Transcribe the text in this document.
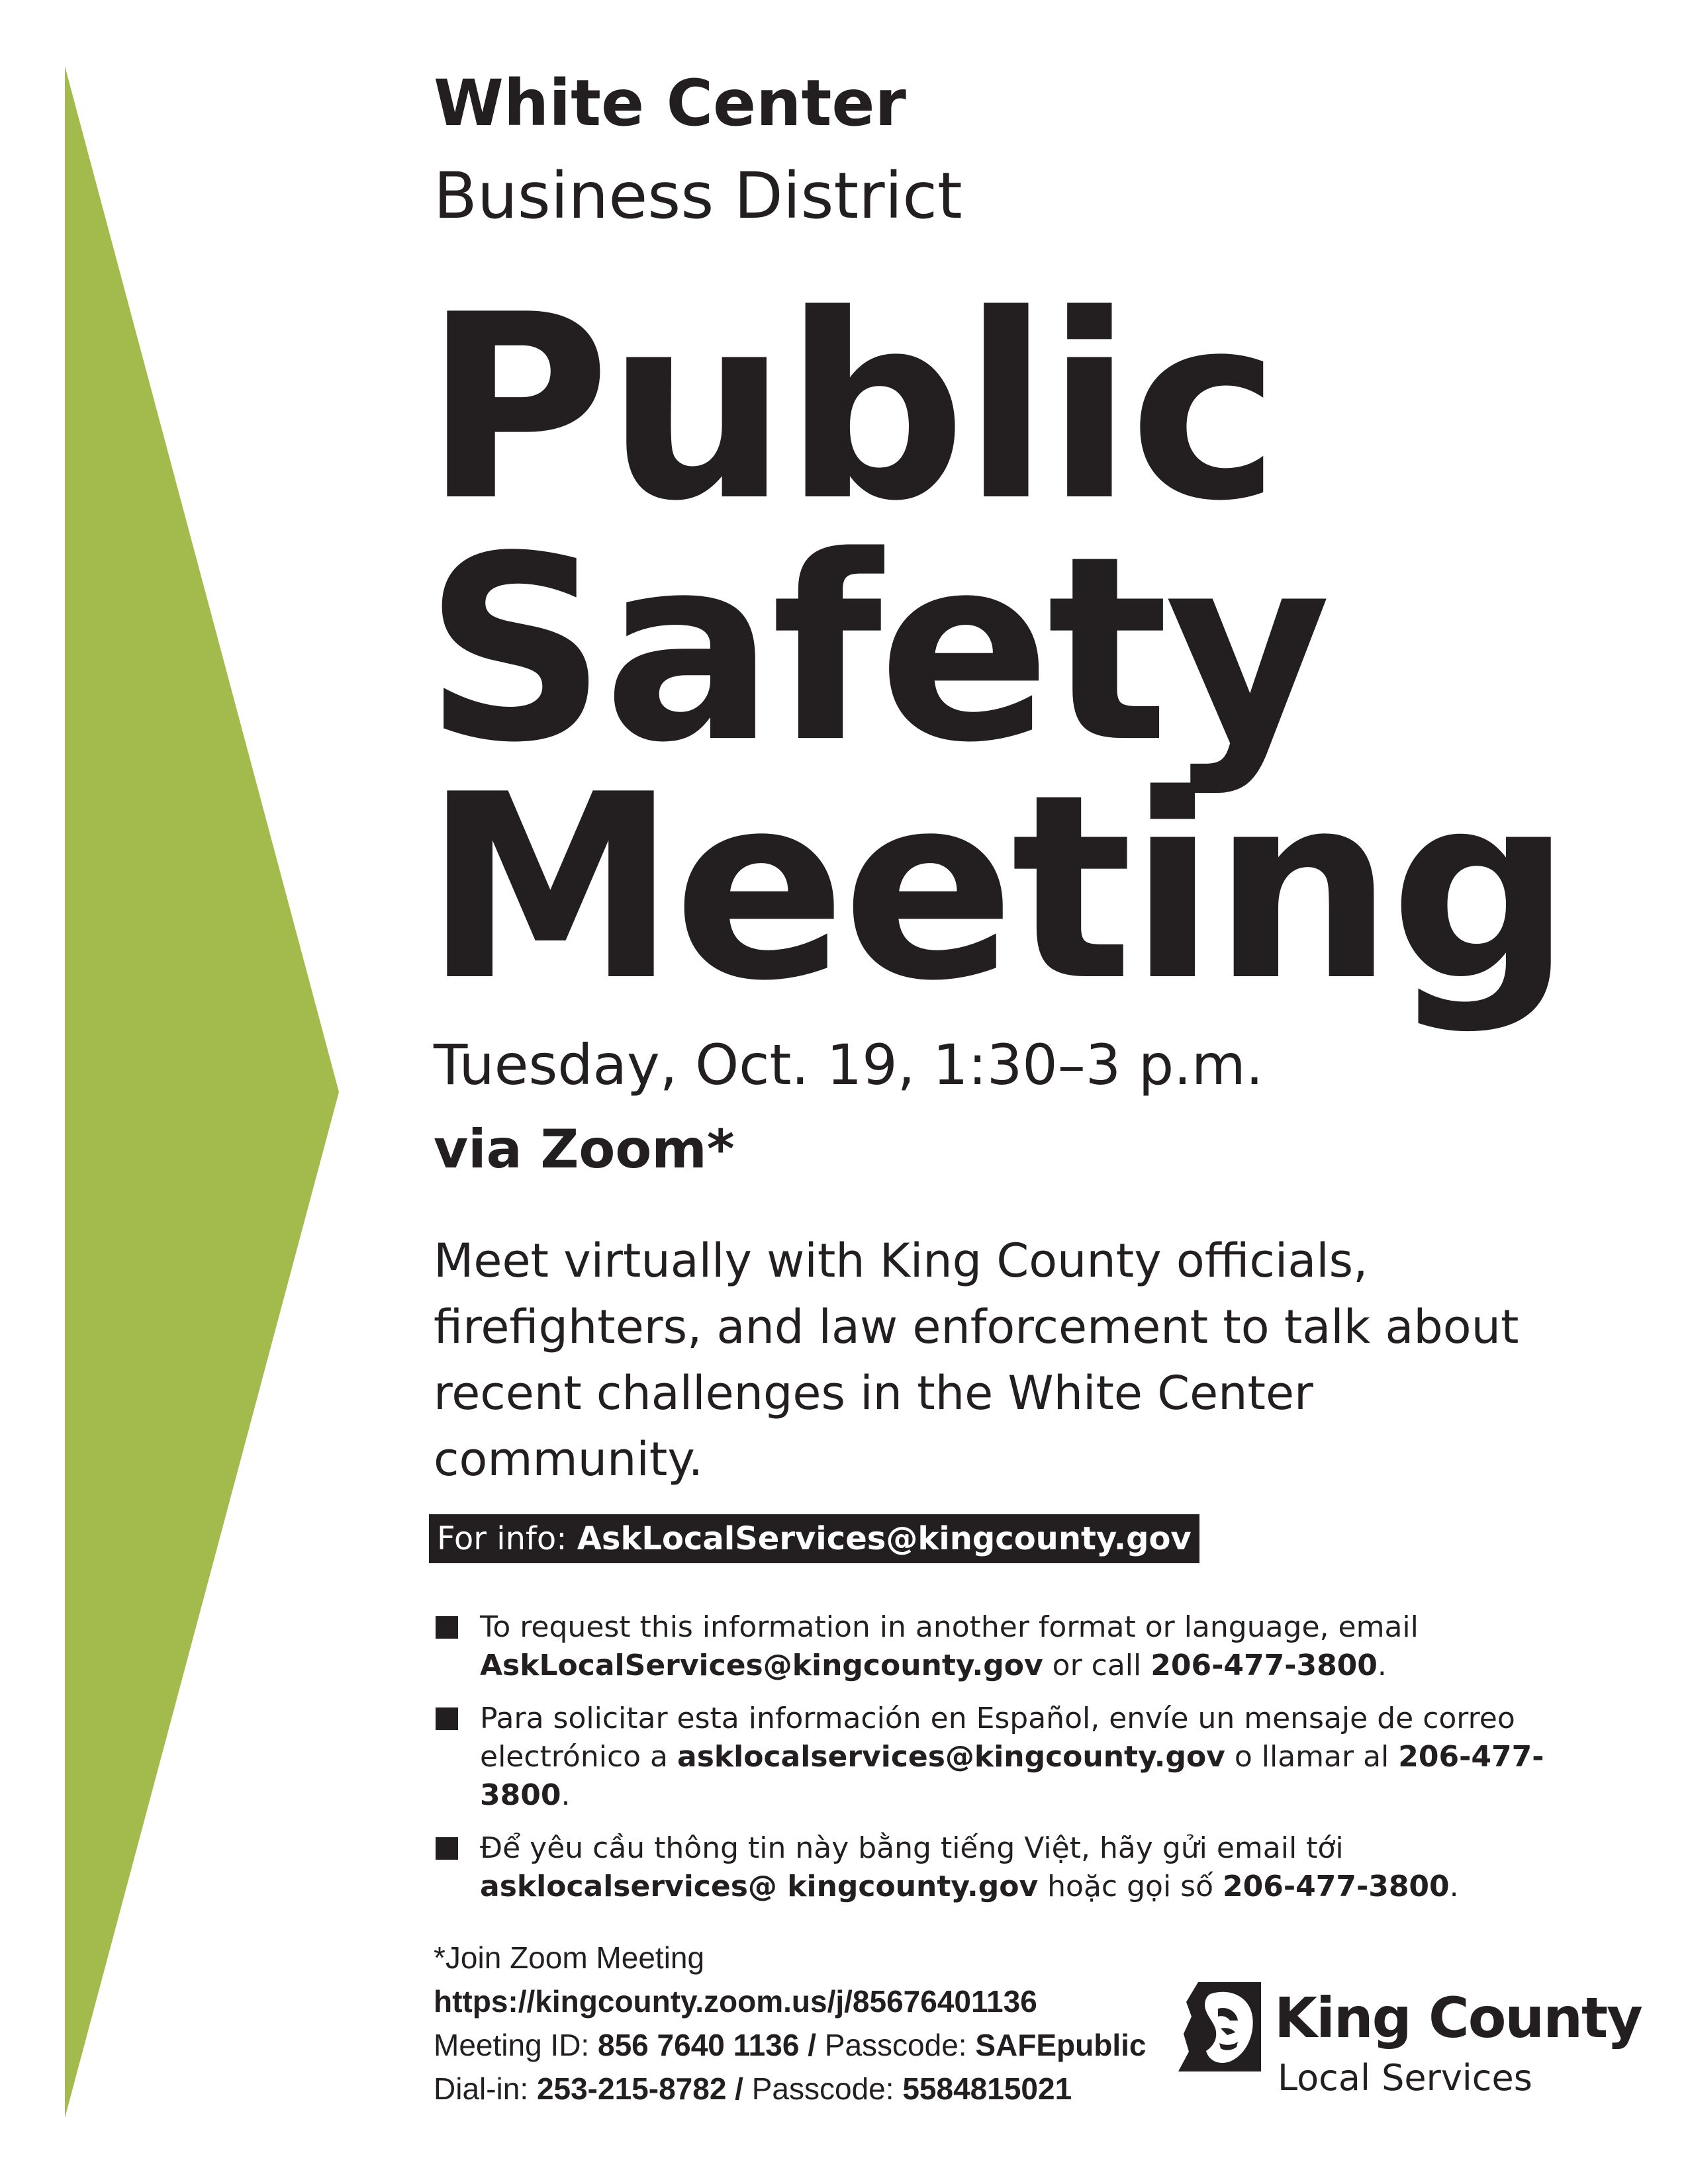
White Center
Business District
Public
Safety
Meeting
Tuesday, Oct. 19, 1:30–3 p.m.
via Zoom*
Meet virtually with King County officials, firefighters, and law enforcement to talk about recent challenges in the White Center community.
For info: AskLocalServices@kingcounty.gov
To request this information in another format or language, email AskLocalServices@kingcounty.gov or call 206-477-3800.
Para solicitar esta información en Español, envíe un mensaje de correo electrónico a asklocalservices@kingcounty.gov o llamar al 206-477-3800.
Để yêu cầu thông tin này bằng tiếng Việt, hãy gửi email tới asklocalservices@ kingcounty.gov hoặc gọi số 206-477-3800.
*Join Zoom Meeting
https://kingcounty.zoom.us/j/85676401136
Meeting ID: 856 7640 1136 / Passcode: SAFEpublic
Dial-in: 253-215-8782 / Passcode: 5584815021
King County
Local Services
